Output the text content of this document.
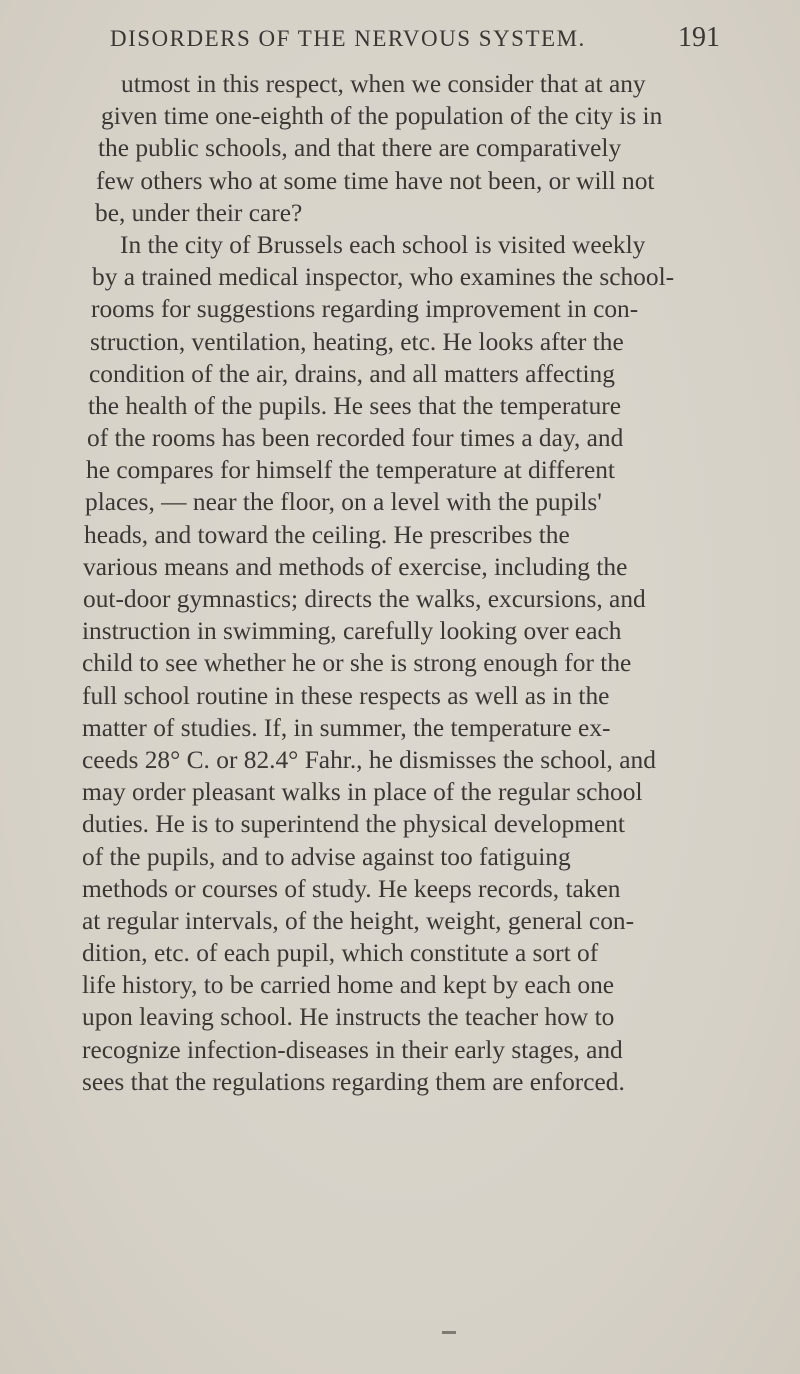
DISORDERS OF THE NERVOUS SYSTEM.	191
utmost in this respect, when we consider that at any
given time one-eighth of the population of the city is in
the public schools, and that there are comparatively
few others who at some time have not been, or will not
be, under their care?
In the city of Brussels each school is visited weekly
by a trained medical inspector, who examines the school-
rooms for suggestions regarding improvement in con-
struction, ventilation, heating, etc. He looks after the
condition of the air, drains, and all matters affecting
the health of the pupils. He sees that the temperature
of the rooms has been recorded four times a day, and
he compares for himself the temperature at different
places, — near the floor, on a level with the pupils'
heads, and toward the ceiling. He prescribes the
various means and methods of exercise, including the
out-door gymnastics; directs the walks, excursions, and
instruction in swimming, carefully looking over each
child to see whether he or she is strong enough for the
full school routine in these respects as well as in the
matter of studies. If, in summer, the temperature ex-
ceeds 28° C. or 82.4° Fahr., he dismisses the school, and
may order pleasant walks in place of the regular school
duties. He is to superintend the physical development
of the pupils, and to advise against too fatiguing
methods or courses of study. He keeps records, taken
at regular intervals, of the height, weight, general con-
dition, etc. of each pupil, which constitute a sort of
life history, to be carried home and kept by each one
upon leaving school. He instructs the teacher how to
recognize infection-diseases in their early stages, and
sees that the regulations regarding them are enforced.
